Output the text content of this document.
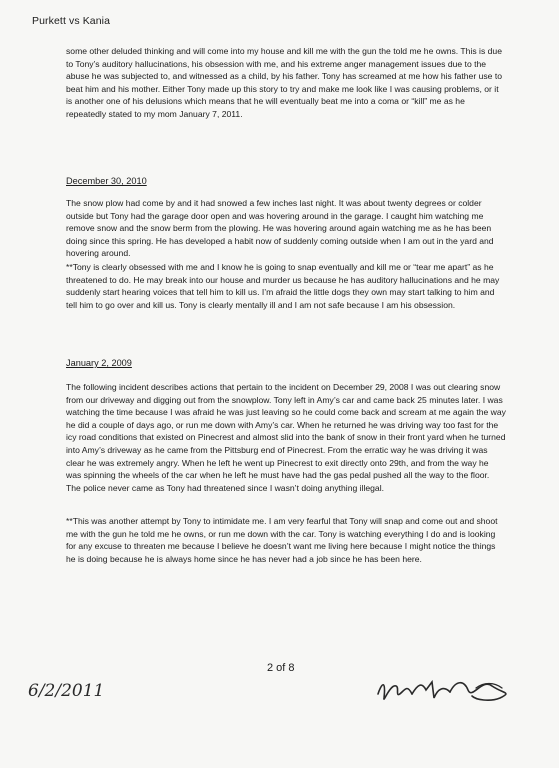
Purkett vs Kania

some other deluded thinking and will come into my house and kill me with the gun the told me he owns. This is due to Tony’s auditory hallucinations, his obsession with me, and his extreme anger management issues due to the abuse he was subjected to, and witnessed as a child, by his father. Tony has screamed at me how his father use to beat him and his mother. Either Tony made up this story to try and make me look like I was causing problems, or it is another one of his delusions which means that he will eventually beat me into a coma or “kill” me as he repeatedly stated to my mom January 7, 2011.

December 30, 2010

The snow plow had come by and it had snowed a few inches last night. It was about twenty degrees or colder outside but Tony had the garage door open and was hovering around in the garage. I caught him watching me remove snow and the snow berm from the plowing. He was hovering around again watching me as he has been doing since this spring. He has developed a habit now of suddenly coming outside when I am out in the yard and hovering around.

**Tony is clearly obsessed with me and I know he is going to snap eventually and kill me or “tear me apart” as he threatened to do. He may break into our house and murder us because he has auditory hallucinations and he may suddenly start hearing voices that tell him to kill us. I’m afraid the little dogs they own may start talking to him and tell him to go over and kill us. Tony is clearly mentally ill and I am not safe because I am his obsession.

January 2, 2009

The following incident describes actions that pertain to the incident on December 29, 2008 I was out clearing snow from our driveway and digging out from the snowplow. Tony left in Amy’s car and came back 25 minutes later. I was watching the time because I was afraid he was just leaving so he could come back and scream at me again the way he did a couple of days ago, or run me down with Amy’s car. When he returned he was driving way too fast for the icy road conditions that existed on Pinecrest and almost slid into the bank of snow in their front yard when he turned into Amy’s driveway as he came from the Pittsburg end of Pinecrest. From the erratic way he was driving it was clear he was extremely angry. When he left he went up Pinecrest to exit directly onto 29th, and from the way he was spinning the wheels of the car when he left he must have had the gas pedal pushed all the way to the floor. The police never came as Tony had threatened since I wasn’t doing anything illegal.

**This was another attempt by Tony to intimidate me. I am very fearful that Tony will snap and come out and shoot me with the gun he told me he owns, or run me down with the car. Tony is watching everything I do and is looking for any excuse to threaten me because I believe he doesn’t want me living here because I might notice the things he is doing because he is always home since he has never had a job since he has been here.

2 of 8
6/2/2011
